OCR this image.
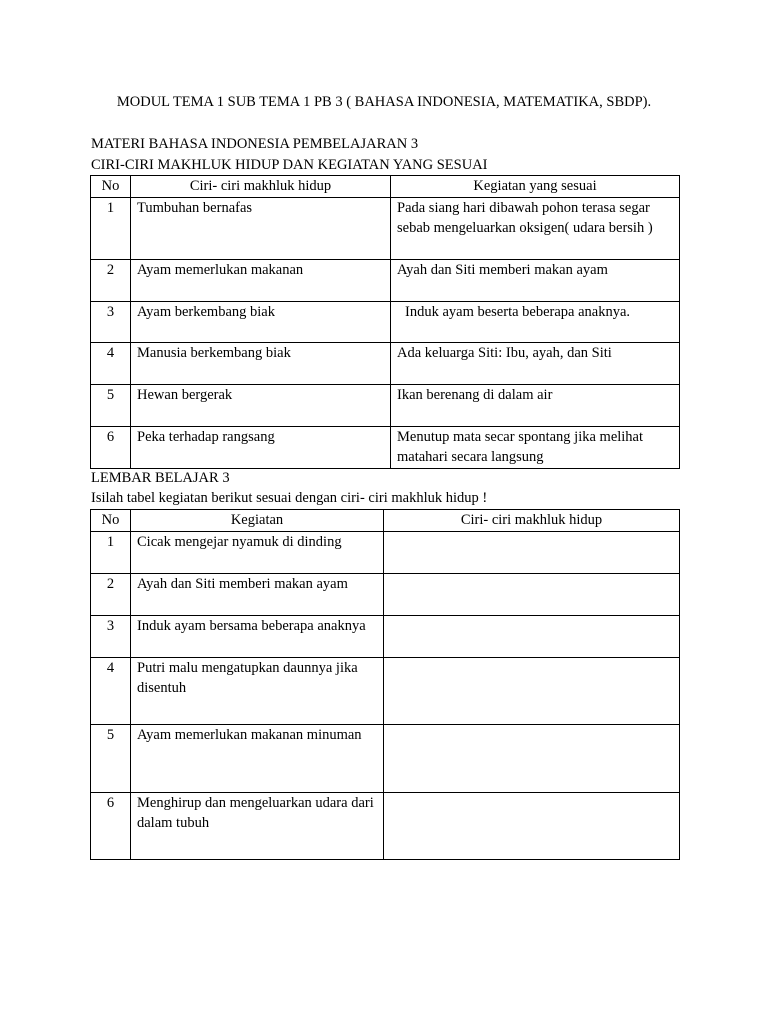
MODUL TEMA 1 SUB TEMA 1 PB 3 ( BAHASA INDONESIA, MATEMATIKA, SBDP).
MATERI BAHASA INDONESIA PEMBELAJARAN 3
CIRI-CIRI MAKHLUK HIDUP DAN KEGIATAN YANG SESUAI
No	Ciri- ciri makhluk hidup	Kegiatan yang sesuai
1	Tumbuhan bernafas	Pada siang hari dibawah pohon terasa segar sebab mengeluarkan oksigen( udara bersih )
2	Ayam memerlukan makanan	Ayah dan Siti memberi makan ayam
3	Ayam berkembang biak	Induk ayam beserta beberapa anaknya.
4	Manusia berkembang biak	Ada keluarga Siti: Ibu, ayah, dan Siti
5	Hewan bergerak	Ikan berenang di dalam air
6	Peka terhadap rangsang	Menutup mata secar spontang jika melihat matahari secara langsung
LEMBAR BELAJAR 3
Isilah tabel kegiatan berikut sesuai dengan ciri- ciri makhluk hidup !
No	Kegiatan	Ciri- ciri makhluk hidup
1	Cicak mengejar nyamuk di dinding	
2	Ayah dan Siti memberi makan ayam	
3	Induk ayam bersama beberapa anaknya	
4	Putri malu mengatupkan daunnya jika disentuh	
5	Ayam memerlukan makanan minuman	
6	Menghirup dan mengeluarkan udara dari dalam tubuh	
